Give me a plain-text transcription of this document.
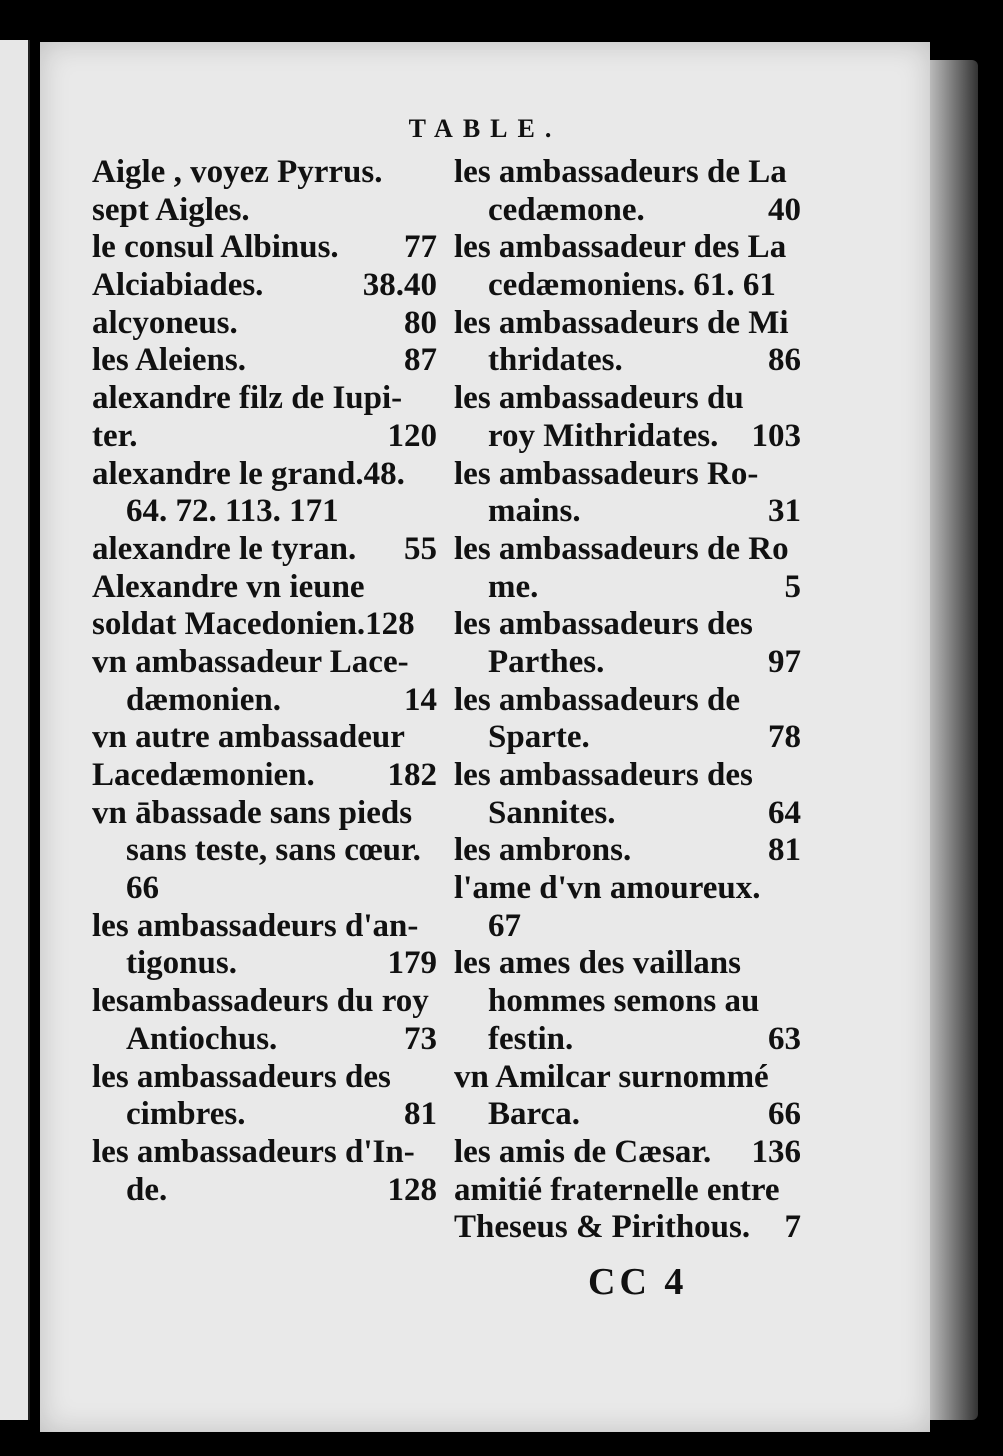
TABLE.
Aigle , voyez Pyrrus.
sept Aigles.
le consul Albinus. 77
Alciabiades.	38.40
alcyoneus.	80
les Aleiens.	87
alexandre filz de Iupi-
ter.	120
alexandre le grand.48.
64. 72. 113. 171
alexandre le tyran. 55
Alexandre vn ieune
soldat Macedonien.128
vn ambassadeur Lace-
dæmonien.	14
vn autre ambassadeur
Lacedæmonien. 182
vn ābassade sans pieds
sans teste, sans cœur.
66
les ambassadeurs d'an-
tigonus.	179
lesambassadeurs du roy
Antiochus.	73
les ambassadeurs des
cimbres.	81
les ambassadeurs d'In-
de.	128
les ambassadeurs de La
cedæmone.	40
les ambassadeur des La
cedæmoniens. 61. 61
les ambassadeurs de Mi
thridates.	86
les ambassadeurs du
roy Mithridates. 103
les ambassadeurs Ro-
mains.	31
les ambassadeurs de Ro
me.	5
les ambassadeurs des
Parthes.	97
les ambassadeurs de
Sparte.	78
les ambassadeurs des
Sannites.	64
les ambrons.	81
l'ame d'vn amoureux.
67
les ames des vaillans
hommes semons au
festin.	63
vn Amilcar surnommé
Barca.	66
les amis de Cæsar. 136
amitié fraternelle entre
Theseus & Pirithous. 7
CC 4
